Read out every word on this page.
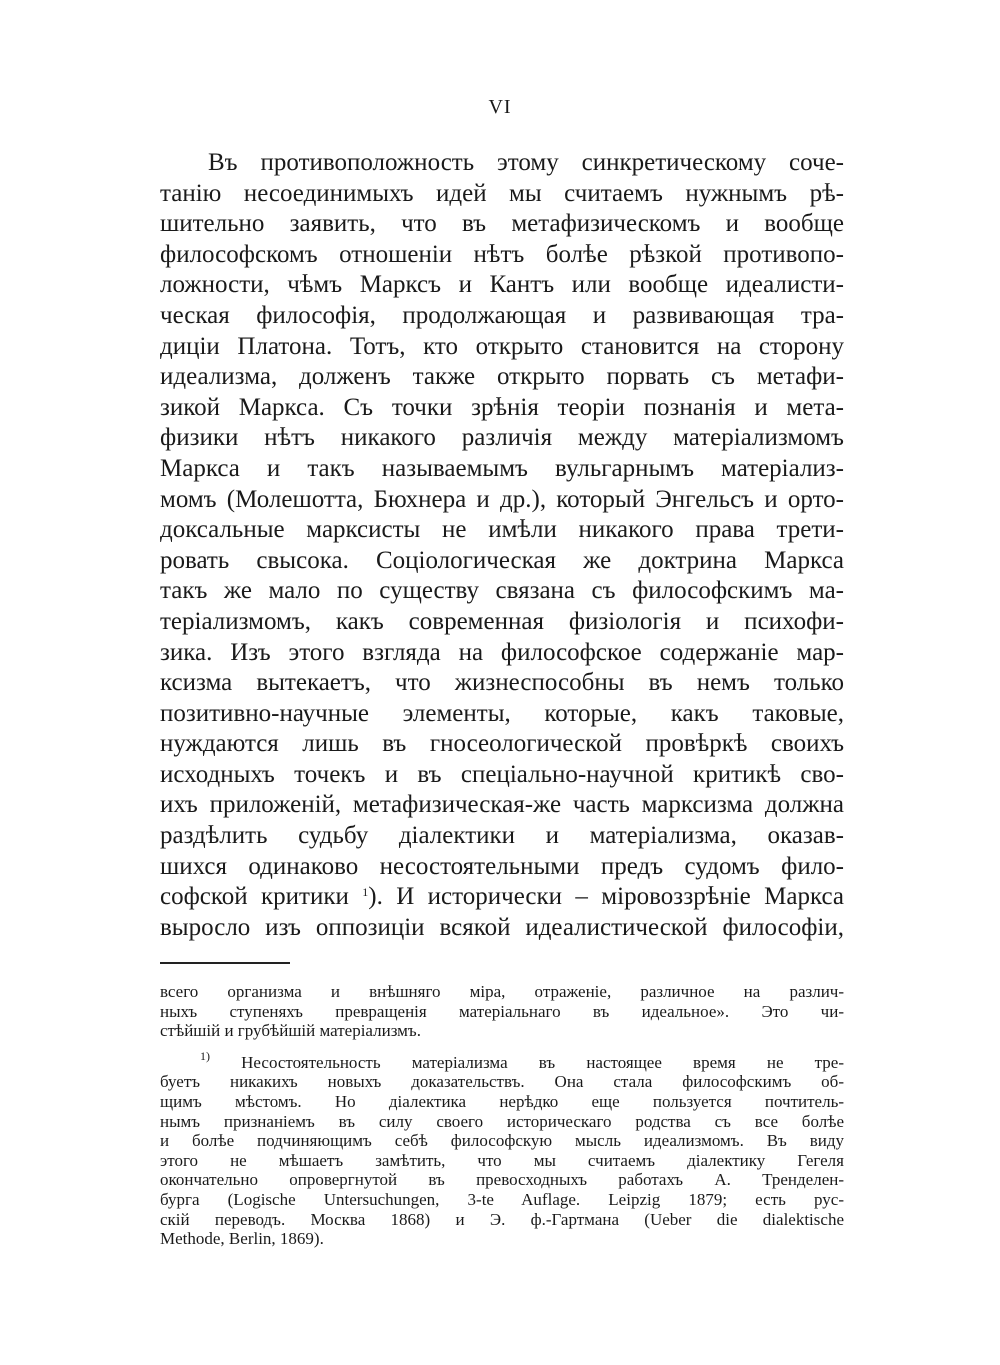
VI
Въ противоположность этому синкретическому соче-
танію несоединимыхъ идей мы считаемъ нужнымъ рѣ-
шительно заявить, что въ метафизическомъ и вообще
философскомъ отношеніи нѣтъ болѣе рѣзкой противопо-
ложности, чѣмъ Марксъ и Кантъ или вообще идеалисти-
ческая философія, продолжающая и развивающая тра-
диціи Платона. Тотъ, кто открыто становится на сторону
идеализма, долженъ также открыто порвать съ метафи-
зикой Маркса. Съ точки зрѣнія теоріи познанія и мета-
физики нѣтъ никакого различія между матеріализмомъ
Маркса и такъ называемымъ вульгарнымъ матеріализ-
момъ (Молешотта, Бюхнера и др.), который Энгельсъ и орто-
доксальные марксисты не имѣли никакого права трети-
ровать свысока. Соціологическая же доктрина Маркса
такъ же мало по существу связана съ философскимъ ма-
теріализмомъ, какъ современная физіологія и психофи-
зика. Изъ этого взгляда на философское содержаніе мар-
ксизма вытекаетъ, что жизнеспособны въ немъ только
позитивно-научные элементы, которые, какъ таковые,
нуждаются лишь въ гносеологической провѣркѣ своихъ
исходныхъ точекъ и въ спеціально-научной критикѣ сво-
ихъ приложеній, метафизическая-же часть марксизма должна
раздѣлить судьбу діалектики и матеріализма, оказав-
шихся одинаково несостоятельными предъ судомъ фило-
софской критики $^1$). И исторически – міровоззрѣніе Маркса
выросло изъ оппозиціи всякой идеалистической философіи,
всего организма и внѣшняго міра, отраженіе, различное на различ-
ныхъ ступеняхъ превращенія матеріальнаго въ идеальное». Это чи-
стѣйшій и грубѣйшій матеріализмъ.
$^{1)}$ Несостоятельность матеріализма въ настоящее время не тре-
буетъ никакихъ новыхъ доказательствъ. Она стала философскимъ об-
щимъ мѣстомъ. Но діалектика нерѣдко еще пользуется почтитель-
нымъ признаніемъ въ силу своего историческаго родства съ все болѣе
и болѣе подчиняющимъ себѣ философскую мысль идеализмомъ. Въ виду
этого не мѣшаетъ замѣтить, что мы считаемъ діалектику Гегеля
окончательно опровергнутой въ превосходныхъ работахъ А. Тренделен-
бурга (Logische Untersuchungen, 3-te Auflage. Leipzig 1879; есть рус-
скій переводъ. Москва 1868) и Э. ф.-Гартмана (Ueber die dialektische
Methode, Berlin, 1869).
